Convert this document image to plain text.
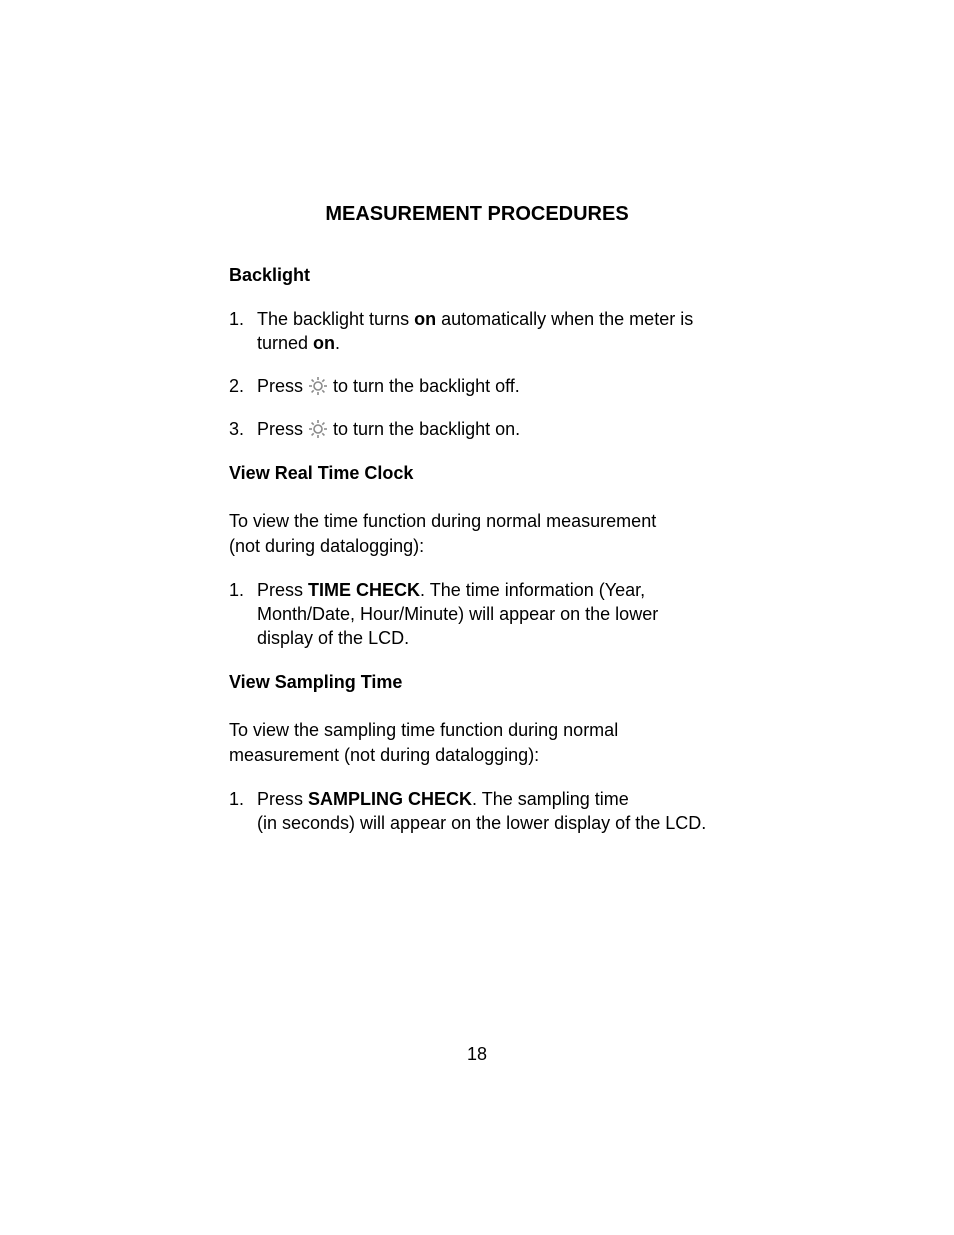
MEASUREMENT PROCEDURES
Backlight
1. The backlight turns on automatically when the meter is
turned on.
2. Press to turn the backlight off.
3. Press to turn the backlight on.
View Real Time Clock
To view the time function during normal measurement
(not during datalogging):
1. Press TIME CHECK. The time information (Year,
Month/Date, Hour/Minute) will appear on the lower
display of the LCD.
View Sampling Time
To view the sampling time function during normal
measurement (not during datalogging):
1. Press SAMPLING CHECK. The sampling time
(in seconds) will appear on the lower display of the LCD.
18
